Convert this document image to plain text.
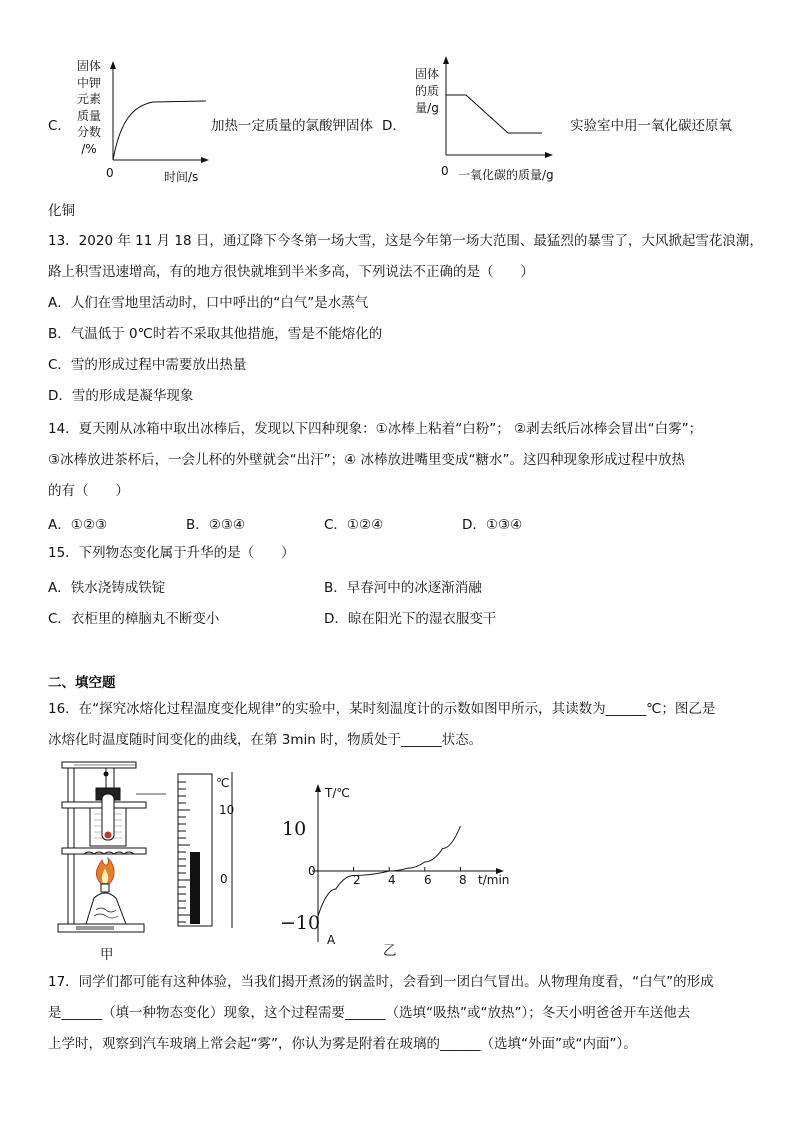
C．
固体
中钾
元素
质量
分数
/%
0	时间/s
加热一定质量的氯酸钾固体 D．
固体
的质
量/g
0 一氧化碳的质量/g
实验室中用一氧化碳还原氧
化铜
13．2020 年 11 月 18 日，通辽降下今冬第一场大雪，这是今年第一场大范围、最猛烈的暴雪了，大风掀起雪花浪潮，
路上积雪迅速增高，有的地方很快就堆到半米多高，下列说法不正确的是（　　）
A．人们在雪地里活动时，口中呼出的“白气”是水蒸气
B．气温低于 0℃时若不采取其他措施，雪是不能熔化的
C．雪的形成过程中需要放出热量
D．雪的形成是凝华现象
14．夏天刚从冰箱中取出冰棒后，发现以下四种现象：①冰棒上粘着“白粉”； ②剥去纸后冰棒会冒出“白雾”；
③冰棒放进茶杯后，一会儿杯的外壁就会“出汗”；④ 冰棒放进嘴里变成“糖水”。这四种现象形成过程中放热
的有（　　）
A．①②③	B．②③④	C．①②④	D．①③④
15．下列物态变化属于升华的是（　　）
A．铁水浇铸成铁锭	B．早春河中的冰逐渐消融
C．衣柜里的樟脑丸不断变小	D．晾在阳光下的湿衣服变干
二、填空题
16．在“探究冰熔化过程温度变化规律”的实验中，某时刻温度计的示数如图甲所示，其读数为______℃；图乙是
冰熔化时温度随时间变化的曲线，在第 3min 时，物质处于______状态。
甲
℃
10
0
T/℃
10
0
−10
2 4 6 8 t/min
A
乙
17．同学们都可能有这种体验，当我们揭开煮汤的锅盖时，会看到一团白气冒出。从物理角度看，“白气”的形成
是______（填一种物态变化）现象，这个过程需要______（选填“吸热”或“放热”）；冬天小明爸爸开车送他去
上学时，观察到汽车玻璃上常会起“雾”，你认为雾是附着在玻璃的______（选填“外面”或“内面”）。
